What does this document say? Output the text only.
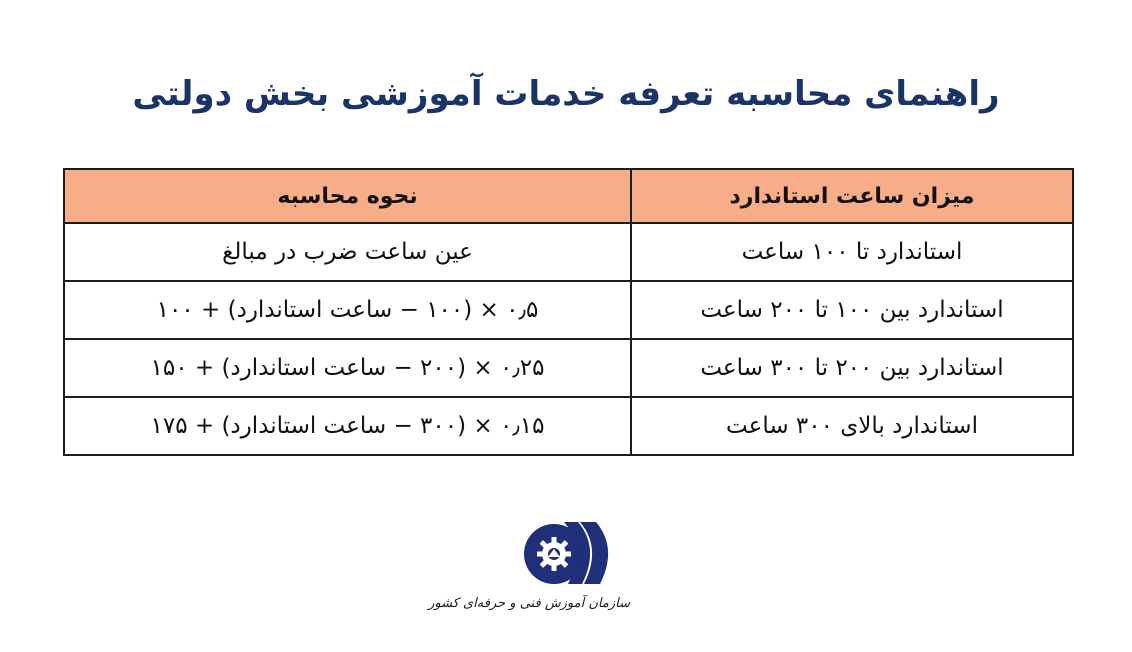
راهنمای محاسبه تعرفه خدمات آموزشی بخش دولتی
میزان ساعت استاندارد	نحوه محاسبه
استاندارد تا ۱۰۰ ساعت	عین ساعت ضرب در مبالغ
استاندارد بین ۱۰۰ تا ۲۰۰ ساعت	۰٫۵ × (۱۰۰ − ساعت استاندارد) + ۱۰۰
استاندارد بین ۲۰۰ تا ۳۰۰ ساعت	۰٫۲۵ × (۲۰۰ − ساعت استاندارد) + ۱۵۰
استاندارد بالای ۳۰۰ ساعت	۰٫۱۵ × (۳۰۰ − ساعت استاندارد) + ۱۷۵
سازمان آموزش فنی و حرفه‌ای کشور
